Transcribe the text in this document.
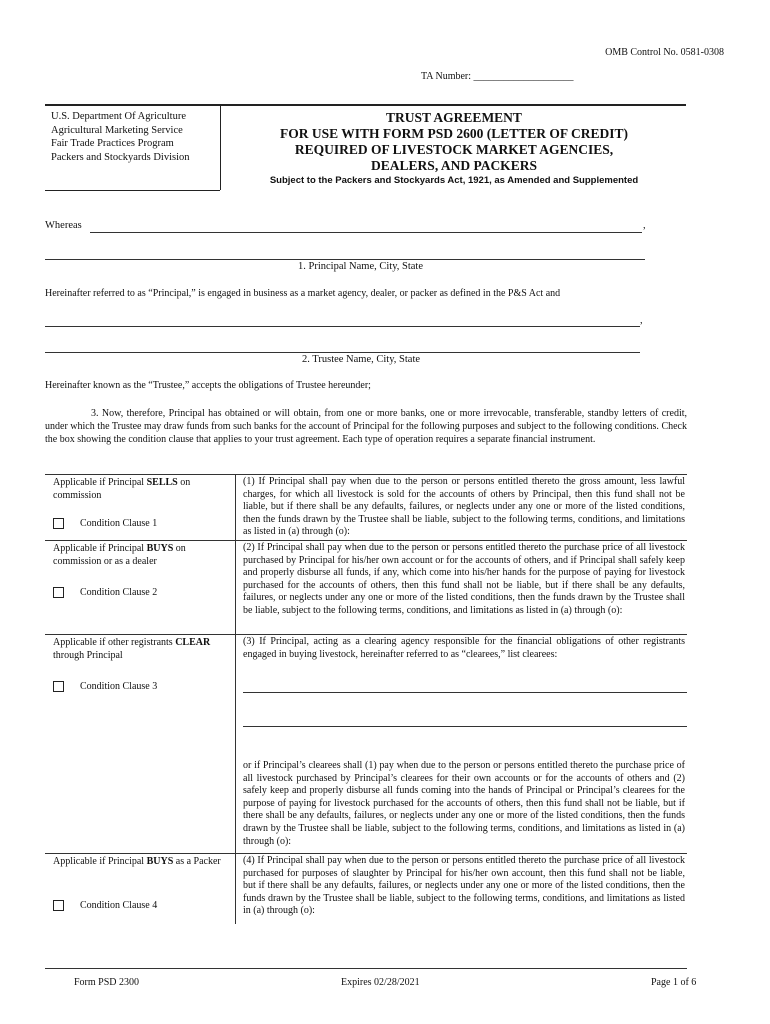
OMB Control No. 0581-0308
TA Number: ____________________
U.S. Department Of Agriculture
Agricultural Marketing Service
Fair Trade Practices Program
Packers and Stockyards Division
TRUST AGREEMENT
FOR USE WITH FORM PSD 2600 (LETTER OF CREDIT)
REQUIRED OF LIVESTOCK MARKET AGENCIES,
DEALERS, AND PACKERS
Subject to the Packers and Stockyards Act, 1921, as Amended and Supplemented
Whereas	,
1. Principal Name, City, State
Hereinafter referred to as “Principal,” is engaged in business as a market agency, dealer, or packer as defined in the P&S Act and
,
2. Trustee Name, City, State
Hereinafter known as the “Trustee,” accepts the obligations of Trustee hereunder;
3. Now, therefore, Principal has obtained or will obtain, from one or more banks, one or more irrevocable, transferable, standby letters of credit, under which the Trustee may draw funds from such banks for the account of Principal for the following purposes and subject to the following conditions. Check the box showing the condition clause that applies to your trust agreement. Each type of operation requires a separate financial instrument.
Applicable if Principal SELLS on commission
Condition Clause 1
(1) If Principal shall pay when due to the person or persons entitled thereto the gross amount, less lawful charges, for which all livestock is sold for the accounts of others by Principal, then this fund shall not be liable, but if there shall be any defaults, failures, or neglects under any one or more of the listed conditions, then the funds drawn by the Trustee shall be liable, subject to the following terms, conditions, and limitations as listed in (a) through (o):
Applicable if Principal BUYS on commission or as a dealer
Condition Clause 2
(2) If Principal shall pay when due to the person or persons entitled thereto the purchase price of all livestock purchased by Principal for his/her own account or for the accounts of others, and if Principal shall safely keep and properly disburse all funds, if any, which come into his/her hands for the purpose of paying for livestock purchased for the accounts of others, then this fund shall not be liable, but if there shall be any defaults, failures, or neglects under any one or more of the listed conditions, then the funds drawn by the Trustee shall be liable, subject to the following terms, conditions, and limitations as listed in (a) through (o):
Applicable if other registrants CLEAR through Principal
Condition Clause 3
(3) If Principal, acting as a clearing agency responsible for the financial obligations of other registrants engaged in buying livestock, hereinafter referred to as “clearees,” list clearees:
or if Principal’s clearees shall (1) pay when due to the person or persons entitled thereto the purchase price of all livestock purchased by Principal’s clearees for their own accounts or for the accounts of others and (2) safely keep and properly disburse all funds coming into the hands of Principal or Principal’s clearees for the purpose of paying for livestock purchased for the accounts of others, then this fund shall not be liable, but if there shall be any defaults, failures, or neglects under any one or more of the listed conditions, then the funds drawn by the Trustee shall be liable, subject to the following terms, conditions, and limitations as listed in (a) through (o):
Applicable if Principal BUYS as a Packer
Condition Clause 4
(4) If Principal shall pay when due to the person or persons entitled thereto the purchase price of all livestock purchased for purposes of slaughter by Principal for his/her own account, then this fund shall not be liable, but if there shall be any defaults, failures, or neglects under any one or more of the listed conditions, then the funds drawn by the Trustee shall be liable, subject to the following terms, conditions, and limitations as listed in (a) through (o):
Form PSD 2300	Expires 02/28/2021	Page 1 of 6
